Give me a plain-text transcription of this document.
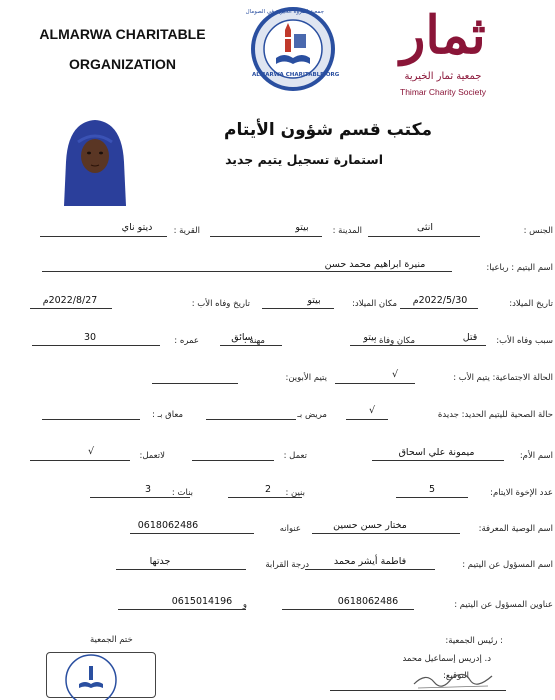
ALMARWA CHARITABLE
ORGANIZATION
جمعية المروة الخيرية في الصومال
ALMARWA CHARITABLE ORG
ثمار
جمعية ثمار الخيرية
Thimar Charity Society
مكتب قسم شؤون الأيتام
استمارة تسجيل يتيم جديد
الجنس :
انثى
المدينة :
بيتو
القرية :
ديتو ناي
اسم اليتيم : رباعيا:
منيرة ابراهيم محمد حسن
تاريخ الميلاد:
2022/5/30م
مكان الميلاد:
بيتو
تاريخ وفاه الأب :
2022/8/27م
سبب وفاه الأب:
قتل
مكان وفاة :
بيتو
مهنة :
سائق
عمره :
30
الحالة الاجتماعية: يتيم الأب :
√
يتيم الأبوين:
حالة الصحية لليتيم الحديد: جديدة
√
مريض بـ
معاق بـ :
اسم الأم:
ميمونة علي اسحاق
تعمل :
لاتعمل:
√
عدد الإخوة الايتام:
5
بنين :
2
بنات :
3
اسم الوصية المعرفة:
مختار حسن حسين
عنوانه
0618062486
اسم المسؤول عن اليتيم :
فاطمة أيشر محمد
درجة القرابة
جدتها
عناوين المسؤول عن اليتيم :
0618062486
و
0615014196
ختم الجمعية	: رئيس الجمعية:
د. إدريس إسماعيل محمد
التوقيع:
